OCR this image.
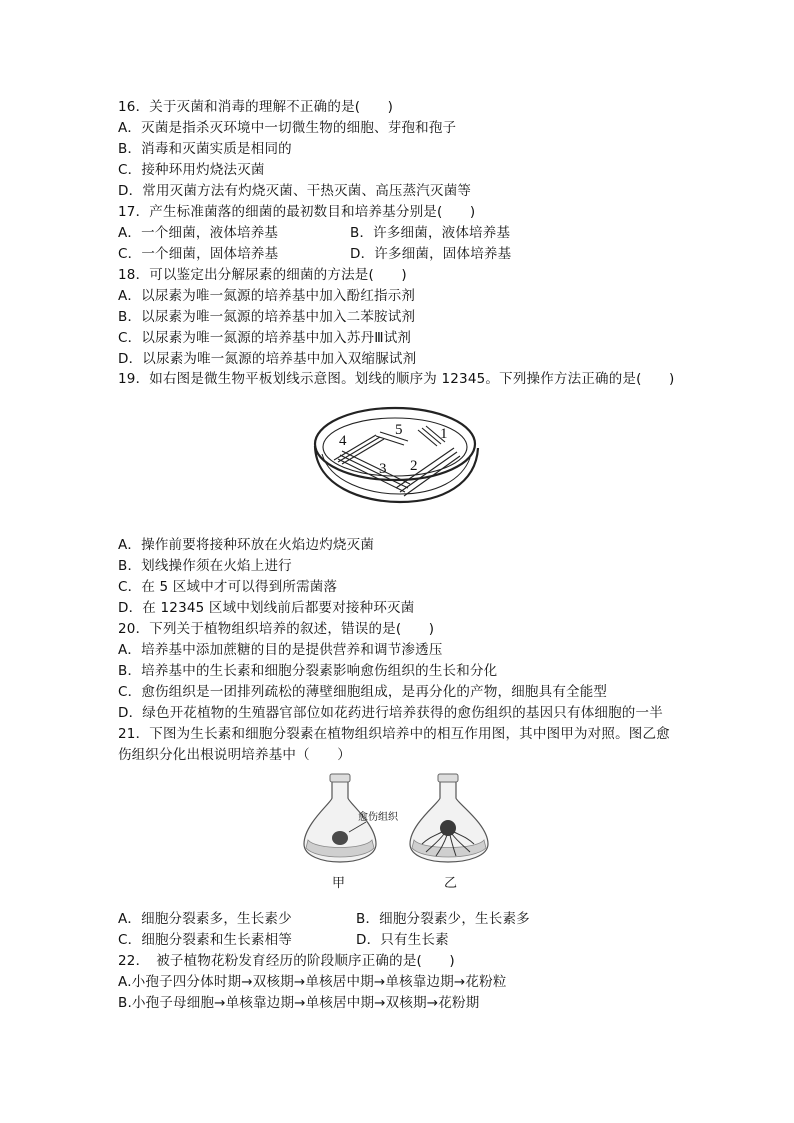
16．关于灭菌和消毒的理解不正确的是(　　)
A．灭菌是指杀灭环境中一切微生物的细胞、芽孢和孢子
B．消毒和灭菌实质是相同的
C．接种环用灼烧法灭菌
D．常用灭菌方法有灼烧灭菌、干热灭菌、高压蒸汽灭菌等
17．产生标准菌落的细菌的最初数目和培养基分别是(　　)
A．一个细菌，液体培养基	B．许多细菌，液体培养基
C．一个细菌，固体培养基	D．许多细菌，固体培养基
18．可以鉴定出分解尿素的细菌的方法是(　　)
A．以尿素为唯一氮源的培养基中加入酚红指示剂
B．以尿素为唯一氮源的培养基中加入二苯胺试剂
C．以尿素为唯一氮源的培养基中加入苏丹Ⅲ试剂
D．以尿素为唯一氮源的培养基中加入双缩脲试剂
19．如右图是微生物平板划线示意图。划线的顺序为 12345。下列操作方法正确的是(　　)
1
2
3
4
5
A．操作前要将接种环放在火焰边灼烧灭菌
B．划线操作须在火焰上进行
C．在 5 区域中才可以得到所需菌落
D．在 12345 区域中划线前后都要对接种环灭菌
20．下列关于植物组织培养的叙述，错误的是(　　)
A．培养基中添加蔗糖的目的是提供营养和调节渗透压
B．培养基中的生长素和细胞分裂素影响愈伤组织的生长和分化
C．愈伤组织是一团排列疏松的薄壁细胞组成，是再分化的产物，细胞具有全能型
D．绿色开花植物的生殖器官部位如花药进行培养获得的愈伤组织的基因只有体细胞的一半
21．下图为生长素和细胞分裂素在植物组织培养中的相互作用图，其中图甲为对照。图乙愈
伤组织分化出根说明培养基中（　　）
愈伤组织
甲	乙
A．细胞分裂素多，生长素少	B．细胞分裂素少，生长素多
C．细胞分裂素和生长素相等	D．只有生长素
22．　被子植物花粉发育经历的阶段顺序正确的是(　　)
A.小孢子四分体时期→双核期→单核居中期→单核靠边期→花粉粒
B.小孢子母细胞→单核靠边期→单核居中期→双核期→花粉期
